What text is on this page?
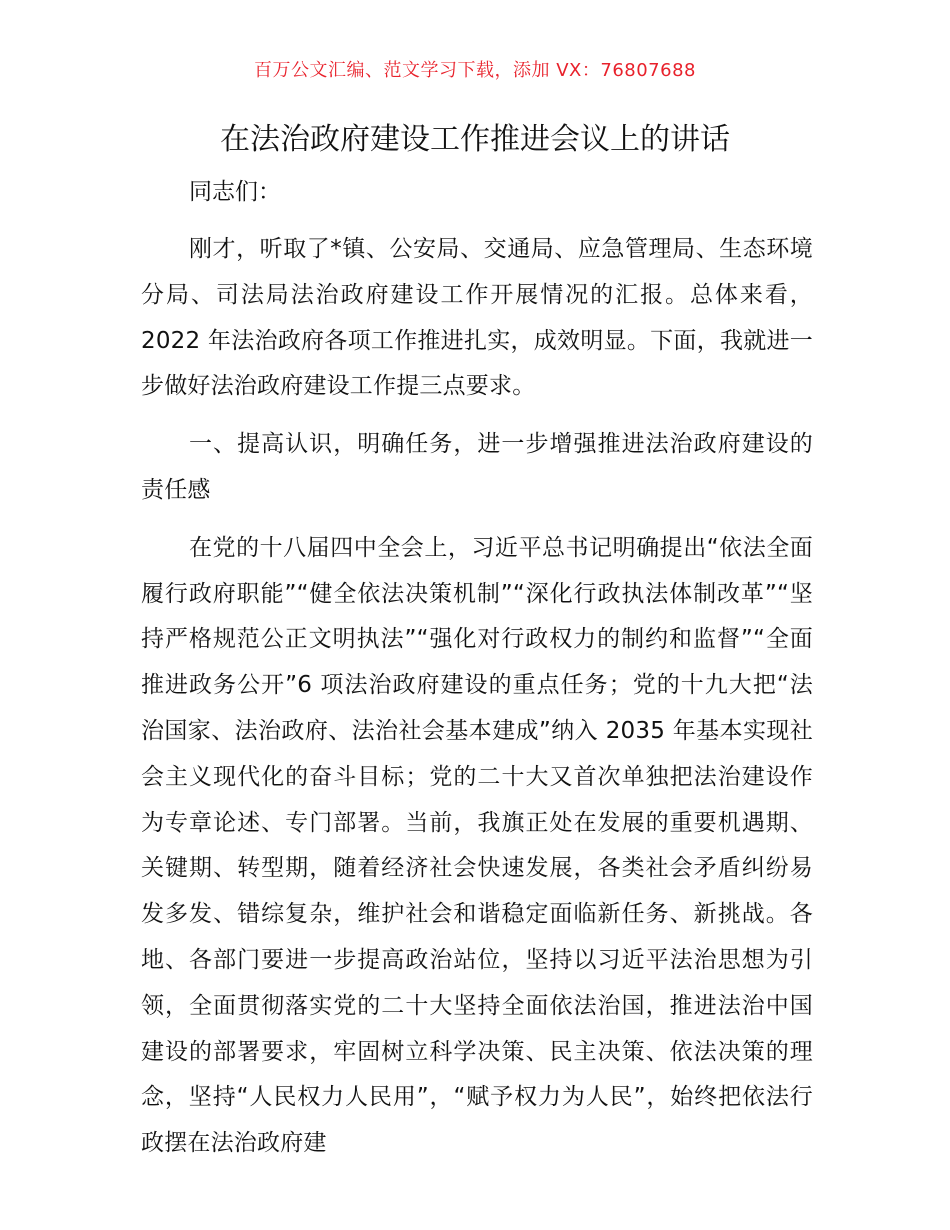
百万公文汇编、范文学习下载，添加 VX：76807688
在法治政府建设工作推进会议上的讲话

同志们：

刚才，听取了*镇、公安局、交通局、应急管理局、生态环境分局、司法局法治政府建设工作开展情况的汇报。总体来看，2022 年法治政府各项工作推进扎实，成效明显。下面，我就进一步做好法治政府建设工作提三点要求。

一、提高认识，明确任务，进一步增强推进法治政府建设的责任感

在党的十八届四中全会上，习近平总书记明确提出“依法全面履行政府职能”“健全依法决策机制”“深化行政执法体制改革”“坚持严格规范公正文明执法”“强化对行政权力的制约和监督”“全面推进政务公开”6 项法治政府建设的重点任务；党的十九大把“法治国家、法治政府、法治社会基本建成”纳入 2035 年基本实现社会主义现代化的奋斗目标；党的二十大又首次单独把法治建设作为专章论述、专门部署。当前，我旗正处在发展的重要机遇期、关键期、转型期，随着经济社会快速发展，各类社会矛盾纠纷易发多发、错综复杂，维护社会和谐稳定面临新任务、新挑战。各地、各部门要进一步提高政治站位，坚持以习近平法治思想为引领，全面贯彻落实党的二十大坚持全面依法治国，推进法治中国建设的部署要求，牢固树立科学决策、民主决策、依法决策的理念，坚持“人民权力人民用”，“赋予权力为人民”，始终把依法行政摆在法治政府建
